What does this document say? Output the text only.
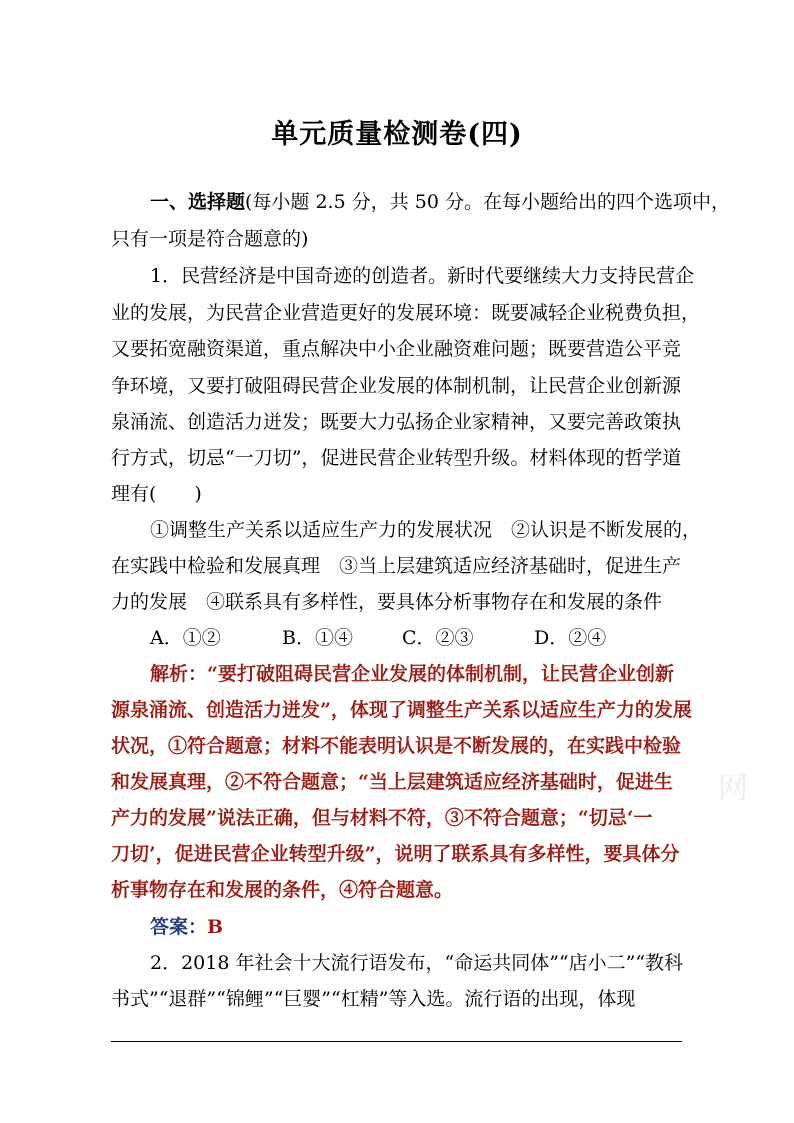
单元质量检测卷(四)
一、选择题(每小题 2.5 分，共 50 分。在每小题给出的四个选项中，
只有一项是符合题意的)
1．民营经济是中国奇迹的创造者。新时代要继续大力支持民营企
业的发展，为民营企业营造更好的发展环境：既要减轻企业税费负担，
又要拓宽融资渠道，重点解决中小企业融资难问题；既要营造公平竞
争环境，又要打破阻碍民营企业发展的体制机制，让民营企业创新源
泉涌流、创造活力迸发；既要大力弘扬企业家精神，又要完善政策执
行方式，切忌“一刀切”，促进民营企业转型升级。材料体现的哲学道
理有(　　)
①调整生产关系以适应生产力的发展状况　②认识是不断发展的，
在实践中检验和发展真理　③当上层建筑适应经济基础时，促进生产
力的发展　④联系具有多样性，要具体分析事物存在和发展的条件
A．①②	B．①④	C．②③	D．②④
解析：“要打破阻碍民营企业发展的体制机制，让民营企业创新
源泉涌流、创造活力迸发”，体现了调整生产关系以适应生产力的发展
状况，①符合题意；材料不能表明认识是不断发展的，在实践中检验
和发展真理，②不符合题意；“当上层建筑适应经济基础时，促进生
产力的发展”说法正确，但与材料不符，③不符合题意；“切忌‘一
刀切’，促进民营企业转型升级”，说明了联系具有多样性，要具体分
析事物存在和发展的条件，④符合题意。
答案：B
2．2018 年社会十大流行语发布，“命运共同体”“店小二”“教科
书式”“退群”“锦鲤”“巨婴”“杠精”等入选。流行语的出现，体现
网
